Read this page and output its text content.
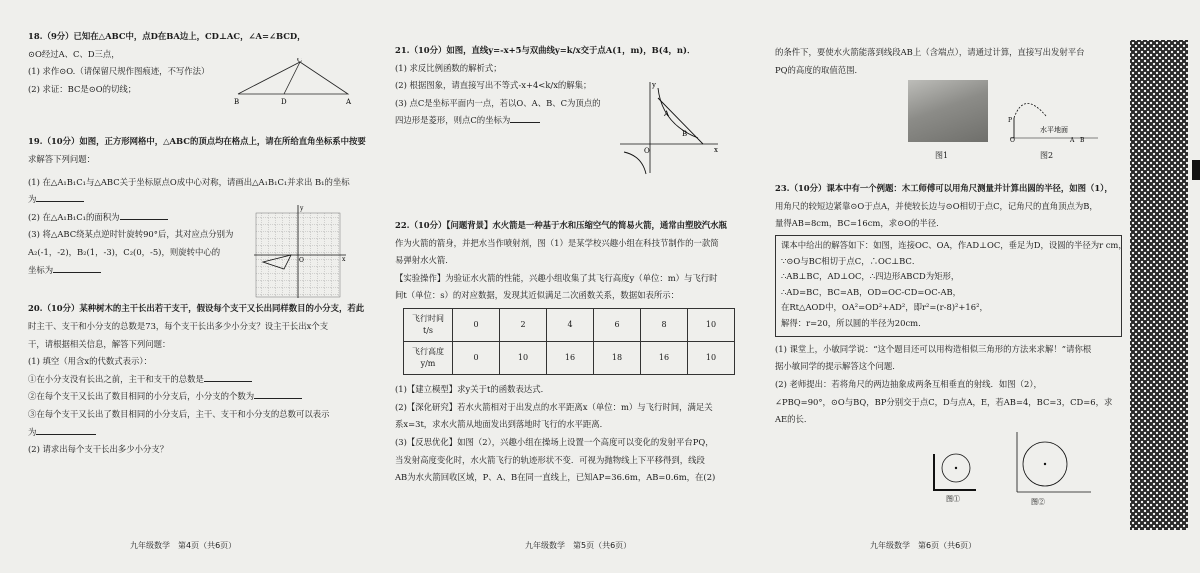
18.（9分）已知在△ABC中，点D在BA边上，CD⊥AC，∠A=∠BCD，

⊙O经过A、C、D三点，

(1) 求作⊙O.（请保留尺规作图痕迹，不写作法）

(2) 求证：BC是⊙O的切线；

19.（10分）如图，正方形网格中，△ABC的顶点均在格点上，请在所给直角坐标系中按要

求解答下列问题：

(1) 在△A₁B₁C₁与△ABC关于坐标原点O成中心对称，请画出△A₁B₁C₁并求出 B₁的坐标

为

(2) 在△A₁B₁C₁的面积为

(3) 将△ABC绕某点逆时针旋转90°后，其对应点分别为

A₂(-1，-2)，B₂(1，-3)，C₂(0，-5)，则旋转中心的

坐标为

20.（10分）某种树木的主干长出若干支干，假设每个支干又长出同样数目的小分支，若此

时主干、支干和小分支的总数是73，每个支干长出多少小分支？设主干长出x个支

干，请根据相关信息，解答下列问题：

(1) 填空（用含x的代数式表示）：

①在小分支没有长出之前，主干和支干的总数是

②在每个支干又长出了数目相同的小分支后，小分支的个数为

③在每个支干又长出了数目相同的小分支后，主干、支干和小分支的总数可以表示

为

(2) 请求出每个支干长出多少小分支？

B	D	A
C
y
x
O
九年级数学　第4页（共6页）

21.（10分）如图，直线y=-x+5与双曲线y=k/x交于点A(1，m)，B(4，n)．

(1) 求反比例函数的解析式；

(2) 根据图象，请直接写出不等式-x+4<k/x的解集；

(3) 点C是坐标平面内一点，若以O、A、B、C为顶点的

四边形是菱形，则点C的坐标为

22.（10分）【问题背景】水火箭是一种基于水和压缩空气的简易火箭，通常由塑胶汽水瓶

作为火箭的箭身，并把水当作喷射剂，图（1）是某学校兴趣小组在科技节制作的一款简

易弹射水火箭．

【实验操作】为验证水火箭的性能，兴趣小组收集了其飞行高度y（单位：m）与飞行时

间t（单位：s）的对应数据，发现其近似满足二次函数关系，数据如表所示：

飞行时间 t/s	0	2	4	6	8	10
飞行高度 y/m	0	10	16	18	16	10

(1)【建立模型】求y关于t的函数表达式．

(2)【深化研究】若水火箭相对于出发点的水平距离x（单位：m）与飞行时间，满足关

系x=3t，求水火箭从地面发出到落地时飞行的水平距离．

(3)【反思优化】如图（2），兴趣小组在操场上设置一个高度可以变化的发射平台PQ，

当发射高度变化时，水火箭飞行的轨迹形状不变．可视为抛物线上下平移得到，线段

AB为水火箭回收区域，P、A、B在同一直线上，已知AP=36.6m，AB=0.6m，在(2)

y
x
O
A
B
九年级数学　第5页（共6页）

的条件下，要使水火箭能落到线段AB上（含端点），请通过计算，直接写出发射平台

PQ的高度的取值范围．

23.（10分）课本中有一个例题：木工师傅可以用角尺测量并计算出圆的半径，如图（1），

用角尺的较短边紧靠⊙O于点A，并使较长边与⊙O相切于点C，记角尺的直角顶点为B，

量得AB=8cm，BC=16cm，求⊙O的半径．

课本中给出的解答如下：如图，连接OC、OA，作AD⊥OC，垂足为D，设圆的半径为r cm，

∵⊙O与BC相切于点C，∴OC⊥BC．

∴AB⊥BC，AD⊥OC，∴四边形ABCD为矩形，

∴AD=BC，BC=AB，OD=OC-CD=OC-AB，

在Rt△AOD中，OA²=OD²+AD²，即r²=(r-8)²+16²，

解得：r=20，所以圆的半径为20cm．

(1) 课堂上，小敏同学说：“这个题目还可以用构造相似三角形的方法来求解！”请你根

据小敏同学的提示解答这个问题．

(2) 老师提出：若将角尺的两边抽象成两条互相垂直的射线．如图（2），

∠PBQ=90°，⊙O与BQ，BP分别交于点C，D与点A，E，若AB=4，BC=3，CD=6，求

AE的长．

图1
水平地面
P
Q	A B
图2
图①	图②
九年级数学　第6页（共6页）
